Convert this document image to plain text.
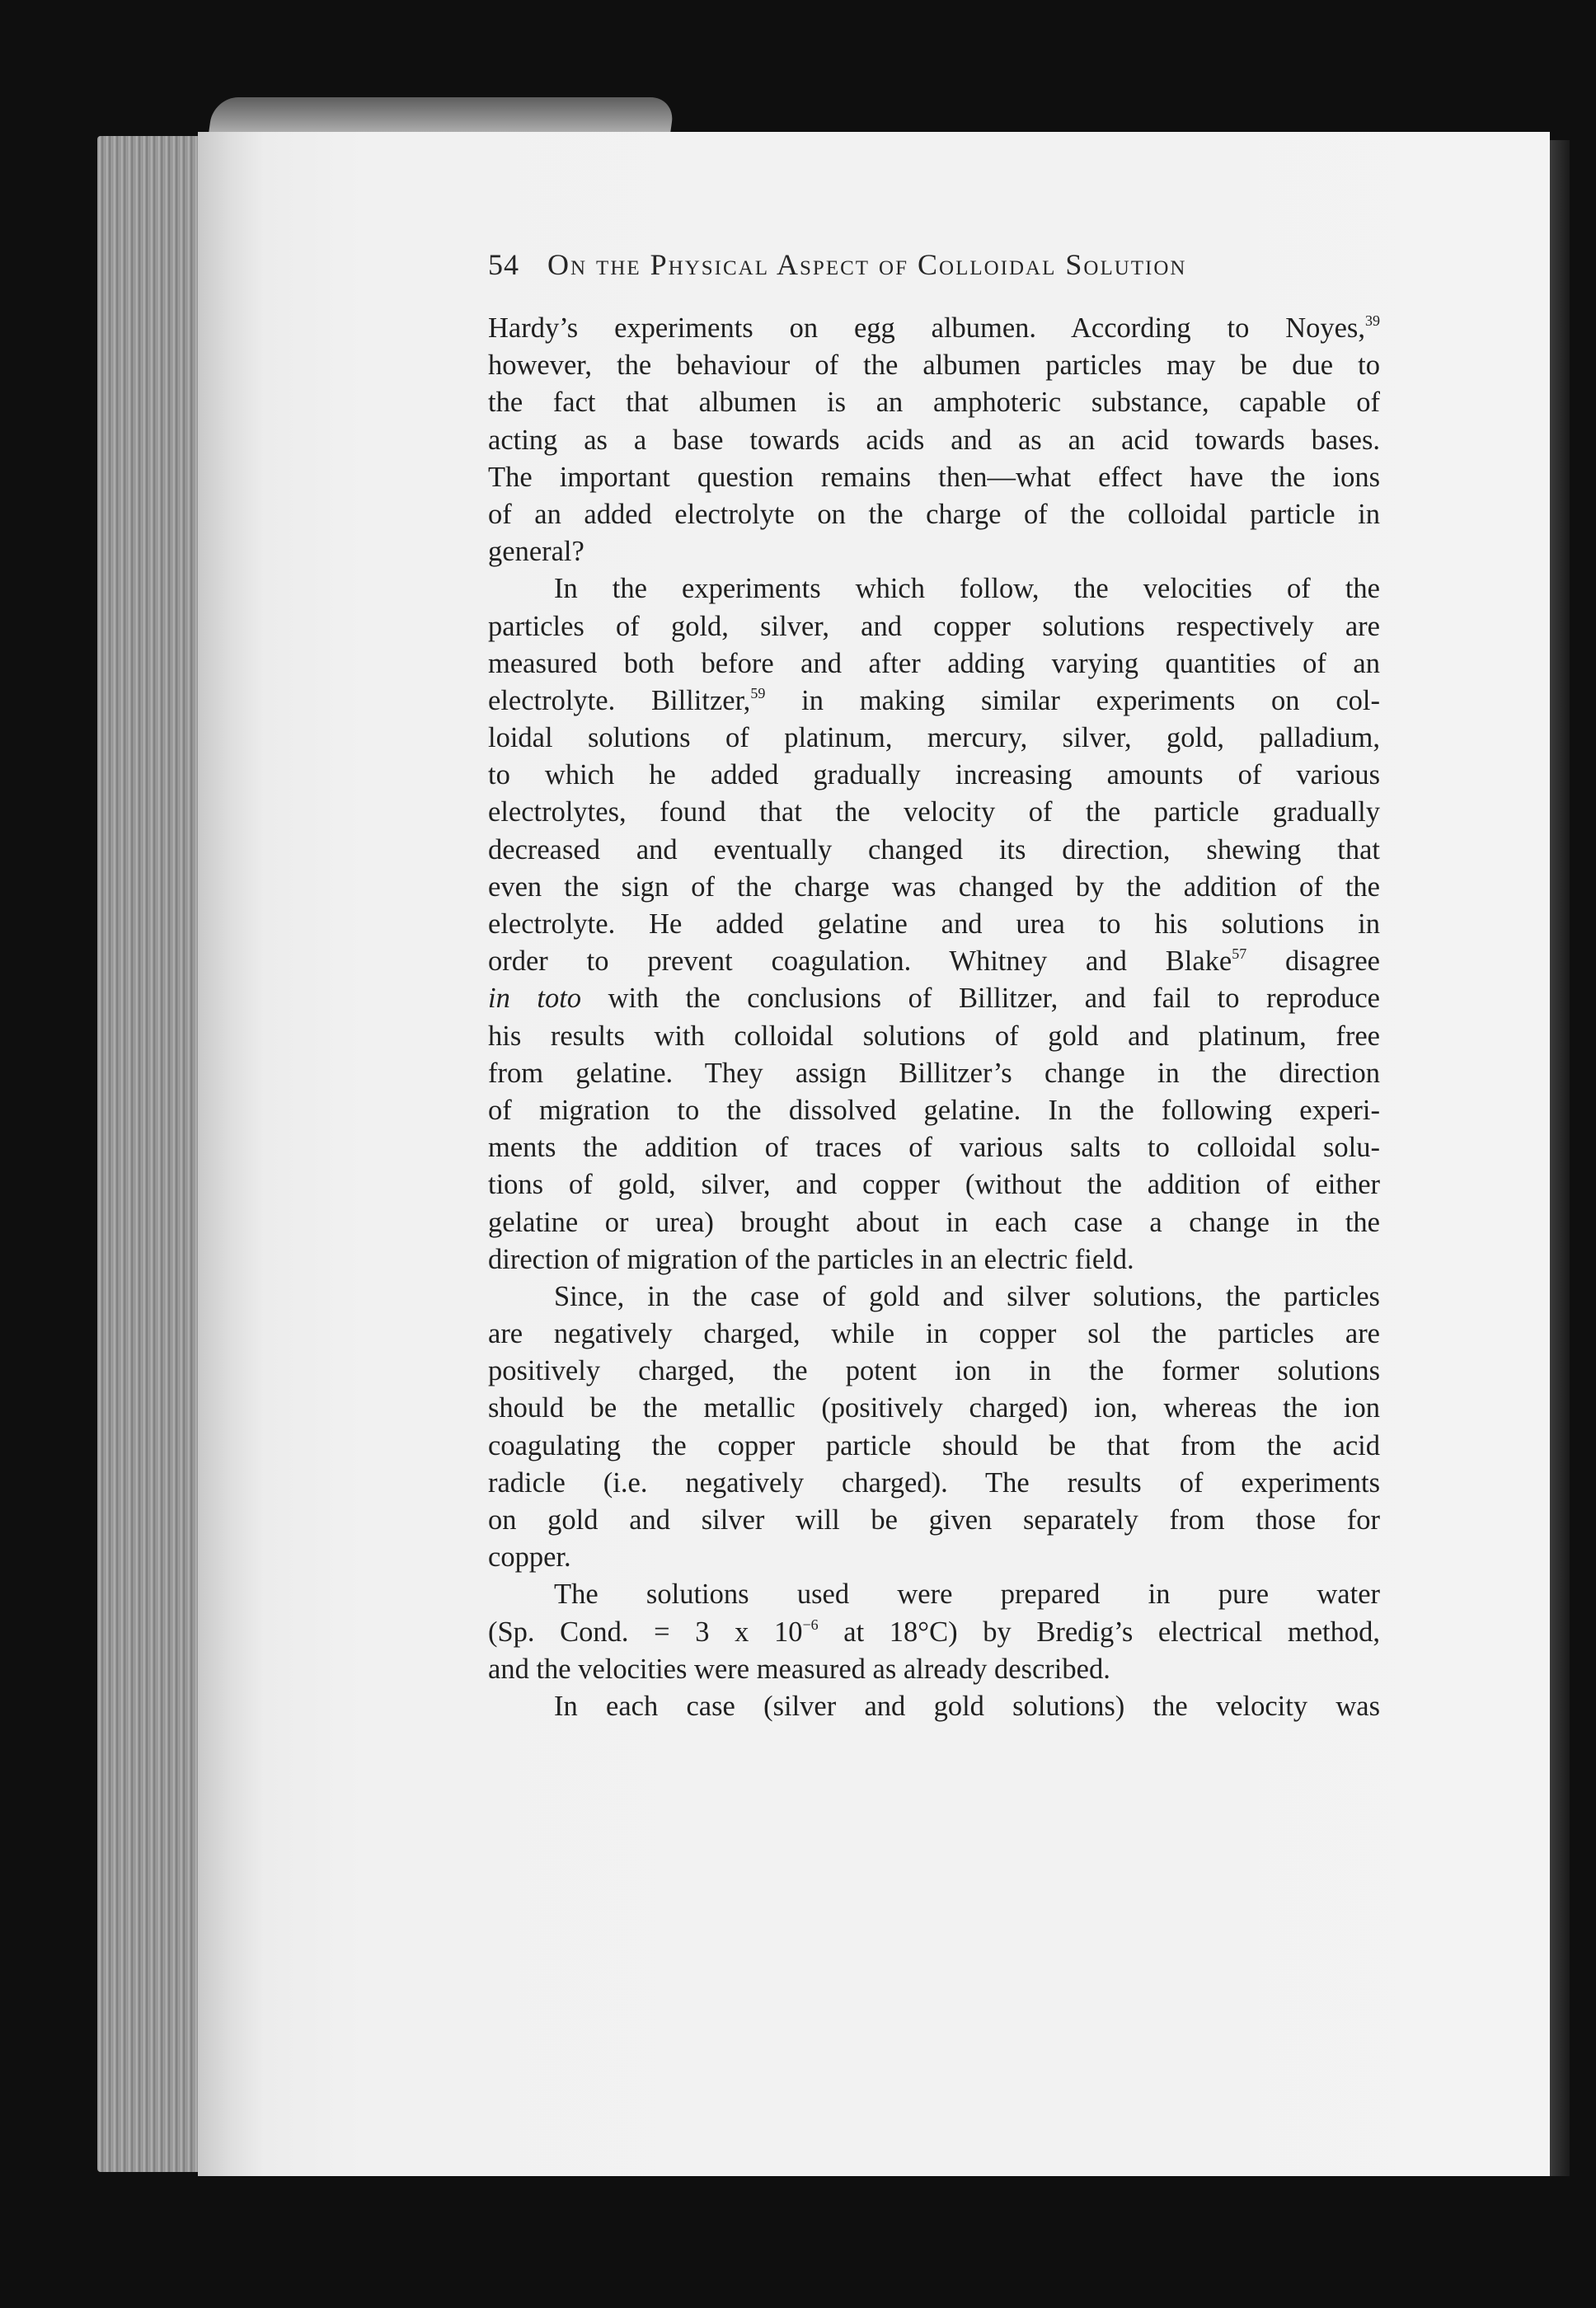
54 On the Physical Aspect of Colloidal Solution
Hardy’s experiments on egg albumen. According to Noyes,$^{39}$
however, the behaviour of the albumen particles may be due to
the fact that albumen is an amphoteric substance, capable of
acting as a base towards acids and as an acid towards bases.
The important question remains then—what effect have the ions
of an added electrolyte on the charge of the colloidal particle in
general?
In the experiments which follow, the velocities of the
particles of gold, silver, and copper solutions respectively are
measured both before and after adding varying quantities of an
electrolyte. Billitzer,$^{59}$ in making similar experiments on col-
loidal solutions of platinum, mercury, silver, gold, palladium,
to which he added gradually increasing amounts of various
electrolytes, found that the velocity of the particle gradually
decreased and eventually changed its direction, shewing that
even the sign of the charge was changed by the addition of the
electrolyte. He added gelatine and urea to his solutions in
order to prevent coagulation. Whitney and Blake$^{57}$ disagree
in toto with the conclusions of Billitzer, and fail to reproduce
his results with colloidal solutions of gold and platinum, free
from gelatine. They assign Billitzer’s change in the direction
of migration to the dissolved gelatine. In the following experi-
ments the addition of traces of various salts to colloidal solu-
tions of gold, silver, and copper (without the addition of either
gelatine or urea) brought about in each case a change in the
direction of migration of the particles in an electric field.
Since, in the case of gold and silver solutions, the particles
are negatively charged, while in copper sol the particles are
positively charged, the potent ion in the former solutions
should be the metallic (positively charged) ion, whereas the ion
coagulating the copper particle should be that from the acid
radicle (i.e. negatively charged). The results of experiments
on gold and silver will be given separately from those for
copper.
The solutions used were prepared in pure water
(Sp. Cond. = 3 x $10^{-6}$ at 18°C) by Bredig’s electrical method,
and the velocities were measured as already described.
In each case (silver and gold solutions) the velocity was
